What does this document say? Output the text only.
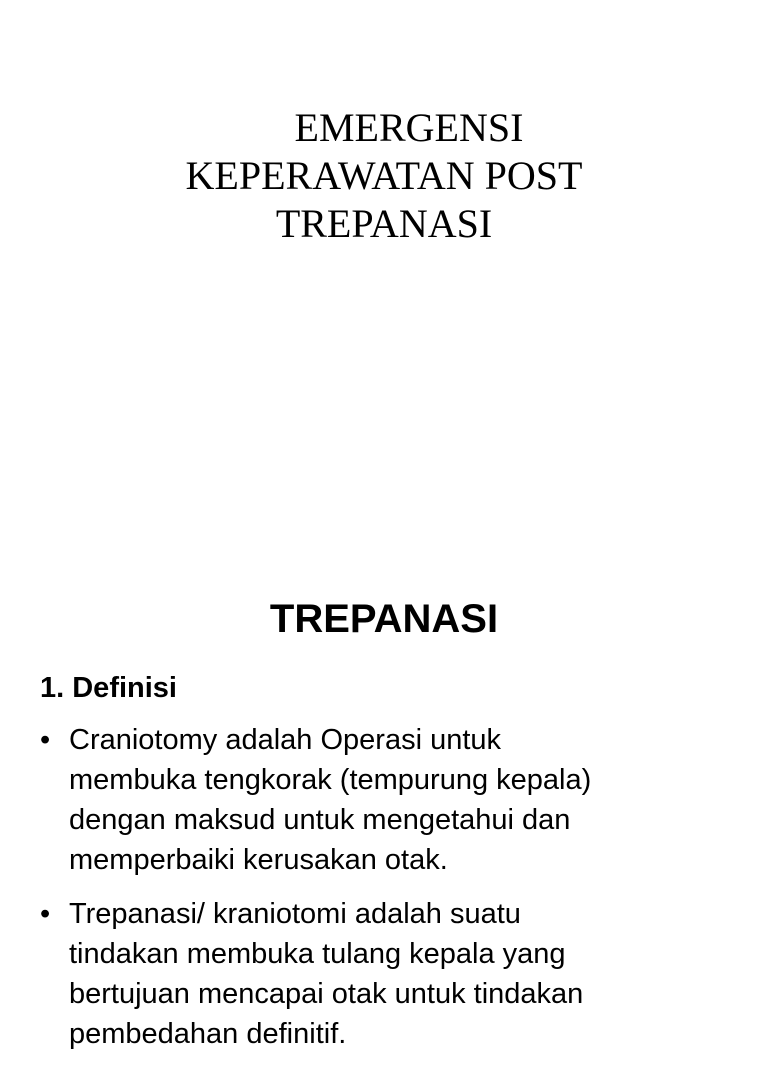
EMERGENSI
KEPERAWATAN POST
TREPANASI
TREPANASI
1. Definisi
• Craniotomy adalah Operasi untuk
membuka tengkorak (tempurung kepala)
dengan maksud untuk mengetahui dan
memperbaiki kerusakan otak.
• Trepanasi/ kraniotomi adalah suatu
tindakan membuka tulang kepala yang
bertujuan mencapai otak untuk tindakan
pembedahan definitif.
